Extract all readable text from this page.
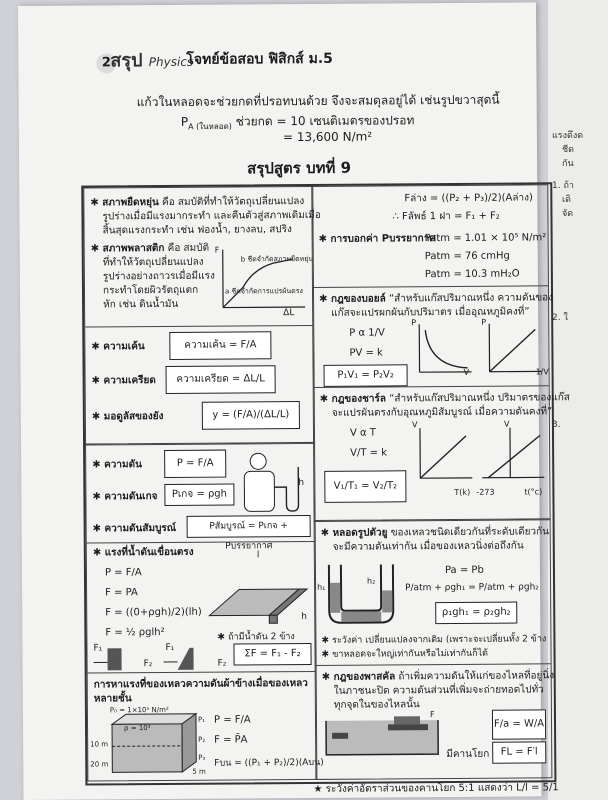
แรงดึงด
ชีด
กัน
1. ถ้า
เดิ
จัด
2. ใ
3.
2 สรุป Physics
โจทย์ข้อสอบ ฟิสิกส์ ม.5
แก้วในหลอดจะช่วยกดที่ปรอทบนด้วย จึงจะสมดุลอยู่ได้ เช่นรูปขวาสุดนี้
$P_{A (ในหลอด)}$ ช่วยกด = 10 เซนติเมตรของปรอท
= 13,600 N/m²
สรุปสูตร บทที่ 9
✱ สภาพยืดหยุ่น คือ สมบัติที่ทำให้วัตถุเปลี่ยนแปลง
รูปร่างเมื่อมีแรงมากระทำ และคืนตัวสู่สภาพเดิมเมื่อ
สิ้นสุดแรงกระทำ เช่น ฟองน้ำ, ยางลบ, สปริง
✱ สภาพพลาสติก คือ สมบัติ
ที่ทำให้วัตถุเปลี่ยนแปลง
รูปร่างอย่างถาวรเมื่อมีแรง
กระทำโดยผิวรัตถุแตก
หัก เช่น ดินน้ำมัน
F
b ชีดจำกัดสภาพยืดหยุ่น
a ชีดจำกัดการแปรผันตรง
ΔL
✱ ความเค้น	ความเค้น = F/A
✱ ความเครียด	ความเครียด = ΔL/L
✱ มอดูลัสของยัง	y = (F/A)/(ΔL/L)
Fล่าง = ((P₂ + P₃)/2)(Aล่าง)
∴ Fลัพธ์ 1 ฝา = F₁ + F₂
✱ การบอกค่า Pบรรยากาศ
Patm = 1.01 × 10⁵ N/m²
Patm = 76 cmHg
Patm = 10.3 mH₂O
✱ กฎของบอยล์ “สำหรับแก๊สปริมาณหนึ่ง ความดันของ
แก๊สจะแปรผกผันกับปริมาตร เมื่ออุณหภูมิคงที่”
P α 1/V
PV = k
P₁V₁ = P₂V₂
P
V
P
1/V
✱ กฎของชาร์ล “สำหรับแก๊สปริมาณหนึ่ง ปริมาตรของแก๊ส
จะแปรผันตรงกับอุณหภูมิสัมบูรณ์ เมื่อความดันคงที่”
V α T
V/T = k
V₁/T₁ = V₂/T₂
V
T(k)
V
-273	t(°c)
✱ ความดัน	P = F/A
✱ ความดันเกจ	Pเกจ = ρgh
h
✱ ความดันสัมบูรณ์	Pสัมบูรณ์ = Pเกจ + Pบรรยากาศ
✱ แรงที่น้ำดันเขื่อนตรง
P = F/A
F = PA
F = ((0+ρgh)/2)(lh)
F = ½ ρglh²
l
h
✱ ถ้ามีน้ำดัน 2 ข้าง
F₁
F₂
F₁
F₂
ΣF = F₁ - F₂
การหาแรงที่ของเหลวความดันผ้าข้างเมื่อของเหลว
หลายชั้น
P = F/A
F = P̄A
Fบน = ((P₁ + P₂)/2)(Aบน)
P₀ = 1×10⁵ N/m²
ρ = 10³
10 m
20 m
5 m
P₁
P₂
P₃
✱ หลอดรูปตัวยู ของเหลวชนิดเดียวกันที่ระดับเดียวกัน
จะมีความดันเท่ากัน เมื่อของเหลวนิ่งต่อถึงกัน
h₁
h₂
Pa = Pb
P/atm + ρgh₁ = P/atm + ρgh₂
ρ₁gh₁ = ρ₂gh₂
✱ ระวังค่า เปลี่ยนแปลงจากเดิม (เพราะจะเปลี่ยนทั้ง 2 ข้าง
✱ ขาหลอดจะใหญ่เท่ากันหรือไม่เท่ากันก็ได้
✱ กฎของพาสคัล ถ้าเพิ่มความดันให้แก่ของไหลที่อยู่นิ่ง
ในภาชนะปิด ความดันส่วนที่เพิ่มจะถ่ายทอดไปทั่ว
ทุกจุดในของไหลนั้น
F
F/a = W/A
มีคานโยก	FL = F′l
★ ระวังค่าอัตราส่วนของคานโยก 5:1 แสดงว่า L/l = 5/1
